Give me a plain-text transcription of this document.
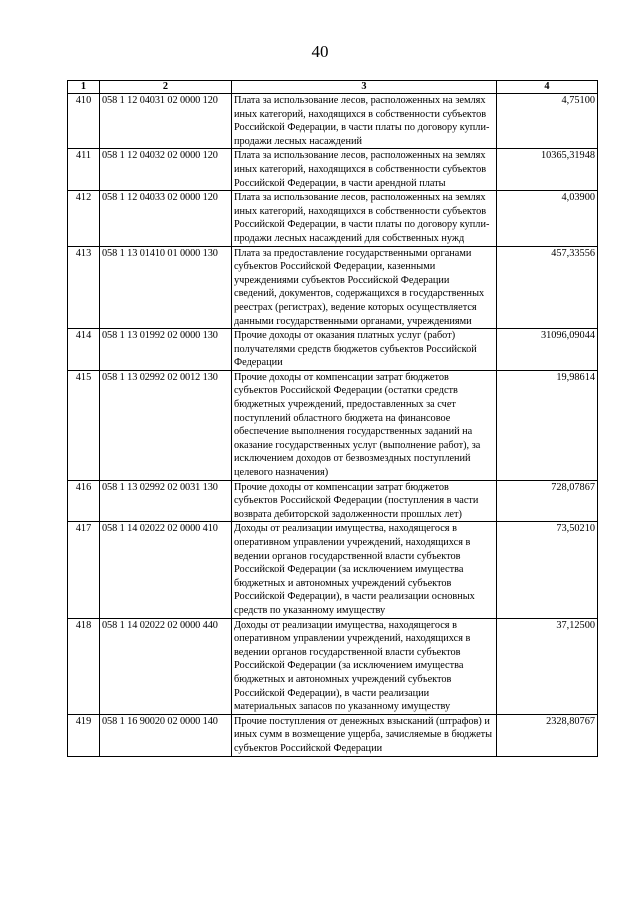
40
1	2	3	4
410	058 1 12 04031 02 0000 120	Плата за использование лесов, расположенных на землях иных категорий, находящихся в собственности субъектов Российской Федерации, в части платы по договору купли-продажи лесных насаждений	4,75100
411	058 1 12 04032 02 0000 120	Плата за использование лесов, расположенных на землях иных категорий, находящихся в собственности субъектов Российской Федерации, в части арендной платы	10365,31948
412	058 1 12 04033 02 0000 120	Плата за использование лесов, расположенных на землях иных категорий, находящихся в собственности субъектов Российской Федерации, в части платы по договору купли-продажи лесных насаждений для собственных нужд	4,03900
413	058 1 13 01410 01 0000 130	Плата за предоставление государственными органами субъектов Российской Федерации, казенными учреждениями субъектов Российской Федерации сведений, документов, содержащихся в государственных реестрах (регистрах), ведение которых осуществляется данными государственными органами, учреждениями	457,33556
414	058 1 13 01992 02 0000 130	Прочие доходы от оказания платных услуг (работ) получателями средств бюджетов субъектов Российской Федерации	31096,09044
415	058 1 13 02992 02 0012 130	Прочие доходы от компенсации затрат бюджетов субъектов Российской Федерации (остатки средств бюджетных учреждений, предоставленных за счет поступлений областного бюджета на финансовое обеспечение выполнения государственных заданий на оказание государственных услуг (выполнение работ), за исключением доходов от безвозмездных поступлений целевого назначения)	19,98614
416	058 1 13 02992 02 0031 130	Прочие доходы от компенсации затрат бюджетов субъектов Российской Федерации (поступления в части возврата дебиторской задолженности прошлых лет)	728,07867
417	058 1 14 02022 02 0000 410	Доходы от реализации имущества, находящегося в оперативном управлении учреждений, находящихся в ведении органов государственной власти субъектов Российской Федерации (за исключением имущества бюджетных и автономных учреждений субъектов Российской Федерации), в части реализации основных средств по указанному имуществу	73,50210
418	058 1 14 02022 02 0000 440	Доходы от реализации имущества, находящегося в оперативном управлении учреждений, находящихся в ведении органов государственной власти субъектов Российской Федерации (за исключением имущества бюджетных и автономных учреждений субъектов Российской Федерации), в части реализации материальных запасов по указанному имуществу	37,12500
419	058 1 16 90020 02 0000 140	Прочие поступления от денежных взысканий (штрафов) и иных сумм в возмещение ущерба, зачисляемые в бюджеты субъектов Российской Федерации	2328,80767
